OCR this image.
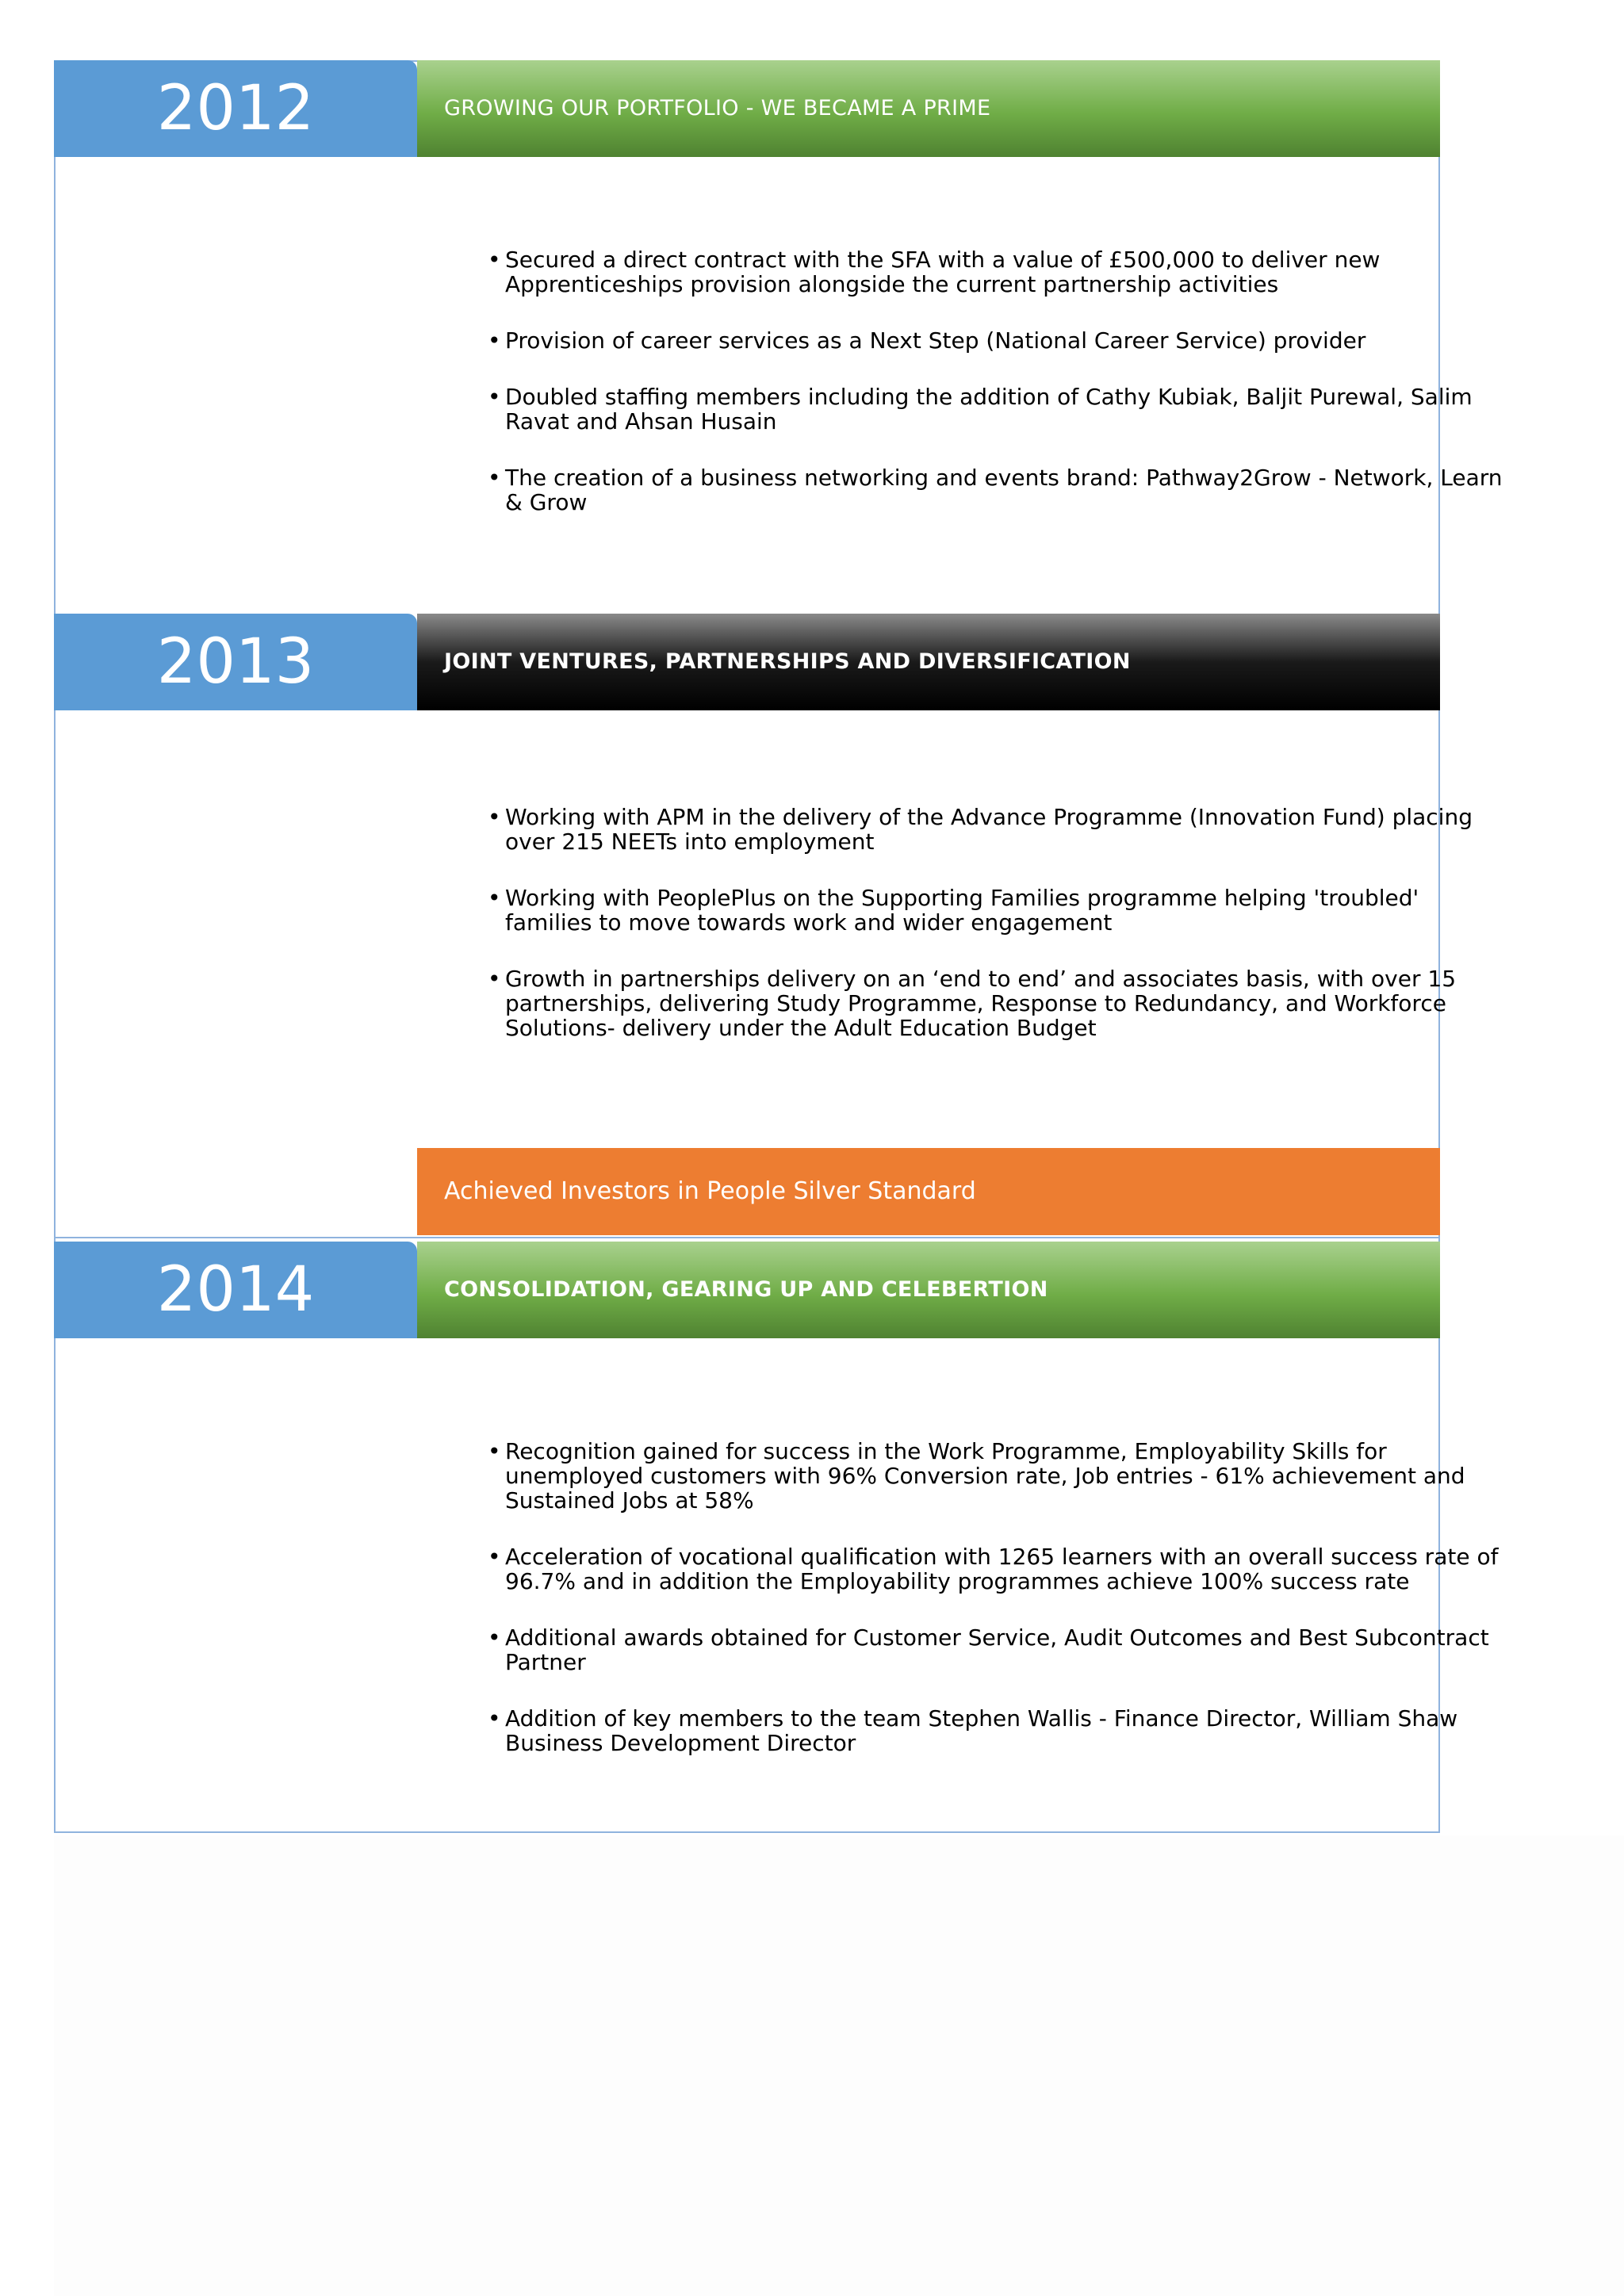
2012	GROWING OUR PORTFOLIO - WE BECAME A PRIME
• Secured a direct contract with the SFA with a value of £500,000 to deliver new Apprenticeships provision alongside the current partnership activities
• Provision of career services as a Next Step (National Career Service) provider
• Doubled staffing members including the addition of Cathy Kubiak, Baljit Purewal, Salim Ravat and Ahsan Husain
• The creation of a business networking and events brand: Pathway2Grow - Network, Learn & Grow
2013	JOINT VENTURES, PARTNERSHIPS AND DIVERSIFICATION
• Working with APM in the delivery of the Advance Programme (Innovation Fund) placing over 215 NEETs into employment
• Working with PeoplePlus on the Supporting Families programme helping 'troubled' families to move towards work and wider engagement
• Growth in partnerships delivery on an ‘end to end’ and associates basis, with over 15 partnerships, delivering Study Programme, Response to Redundancy, and Workforce Solutions- delivery under the Adult Education Budget
Achieved Investors in People Silver Standard
2014	CONSOLIDATION, GEARING UP AND CELEBERTION
• Recognition gained for success in the Work Programme, Employability Skills for unemployed customers with 96% Conversion rate, Job entries - 61% achievement and Sustained Jobs at 58%
• Acceleration of vocational qualification with 1265 learners with an overall success rate of 96.7% and in addition the Employability programmes achieve 100% success rate
• Additional awards obtained for Customer Service, Audit Outcomes and Best Subcontract Partner
• Addition of key members to the team Stephen Wallis - Finance Director, William Shaw Business Development Director
